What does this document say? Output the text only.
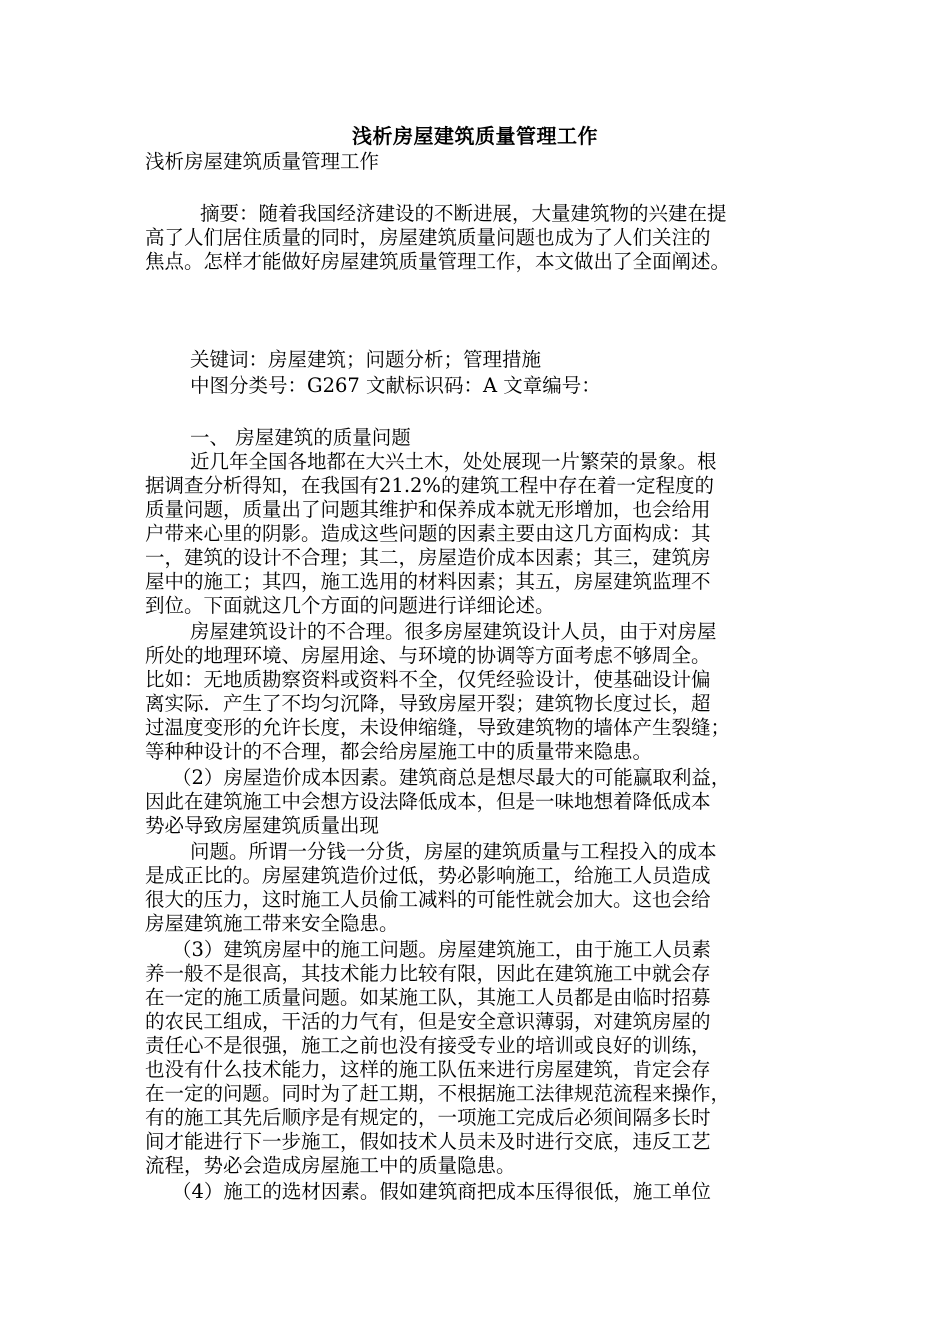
浅析房屋建筑质量管理工作
浅析房屋建筑质量管理工作
摘要：随着我国经济建设的不断进展，大量建筑物的兴建在提
高了人们居住质量的同时，房屋建筑质量问题也成为了人们关注的
焦点。怎样才能做好房屋建筑质量管理工作，本文做出了全面阐述。
关键词：房屋建筑；问题分析；管理措施
中图分类号：G267 文献标识码：A 文章编号：
一、 房屋建筑的质量问题
近几年全国各地都在大兴土木，处处展现一片繁荣的景象。根
据调查分析得知，在我国有21.2%的建筑工程中存在着一定程度的
质量问题，质量出了问题其维护和保养成本就无形增加，也会给用
户带来心里的阴影。造成这些问题的因素主要由这几方面构成：其
一，建筑的设计不合理；其二，房屋造价成本因素；其三，建筑房
屋中的施工；其四，施工选用的材料因素；其五，房屋建筑监理不
到位。下面就这几个方面的问题进行详细论述。
房屋建筑设计的不合理。很多房屋建筑设计人员，由于对房屋
所处的地理环境、房屋用途、与环境的协调等方面考虑不够周全。
比如：无地质勘察资料或资料不全，仅凭经验设计，使基础设计偏
离实际．产生了不均匀沉降，导致房屋开裂；建筑物长度过长，超
过温度变形的允许长度，未设伸缩缝，导致建筑物的墙体产生裂缝；
等种种设计的不合理，都会给房屋施工中的质量带来隐患。
（2）房屋造价成本因素。建筑商总是想尽最大的可能赢取利益，
因此在建筑施工中会想方设法降低成本，但是一味地想着降低成本
势必导致房屋建筑质量出现
问题。所谓一分钱一分货，房屋的建筑质量与工程投入的成本
是成正比的。房屋建筑造价过低，势必影响施工，给施工人员造成
很大的压力，这时施工人员偷工减料的可能性就会加大。这也会给
房屋建筑施工带来安全隐患。
（3）建筑房屋中的施工问题。房屋建筑施工，由于施工人员素
养一般不是很高，其技术能力比较有限，因此在建筑施工中就会存
在一定的施工质量问题。如某施工队，其施工人员都是由临时招募
的农民工组成，干活的力气有，但是安全意识薄弱，对建筑房屋的
责任心不是很强，施工之前也没有接受专业的培训或良好的训练，
也没有什么技术能力，这样的施工队伍来进行房屋建筑，肯定会存
在一定的问题。同时为了赶工期，不根据施工法律规范流程来操作，
有的施工其先后顺序是有规定的，一项施工完成后必须间隔多长时
间才能进行下一步施工，假如技术人员未及时进行交底，违反工艺
流程，势必会造成房屋施工中的质量隐患。
（4）施工的选材因素。假如建筑商把成本压得很低，施工单位
